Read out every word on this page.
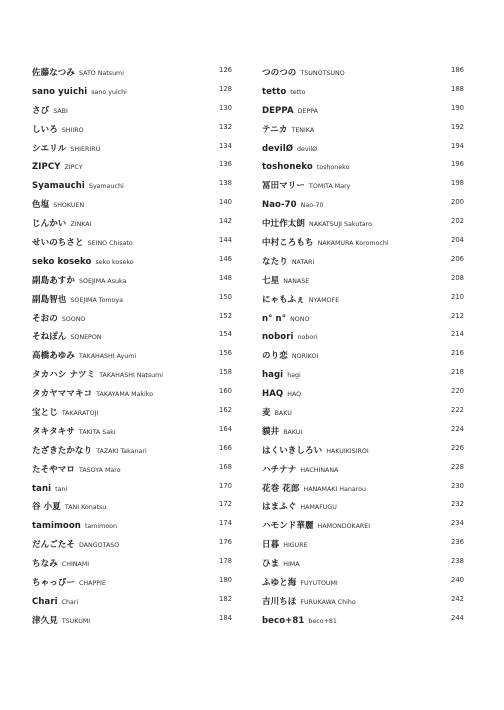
佐藤なつみ SATO Natsumi	126
sano yuichi sano yuichi	128
さび SABI	130
しいろ SHIIRO	132
シエリル SHIERIRU	134
ZIPCY ZIPCY	136
Syamauchi Syamauchi	138
色塩 SHOKUEN	140
じんかい ZINKAI	142
せいのちさと SEINO Chisato	144
seko koseko seko koseko	146
副島あすか SOEJIMA Asuka	148
副島智也 SOEJIMA Tomoya	150
そおの SOONO	152
そねぽん SONEPON	154
高橋あゆみ TAKAHASHI Ayumi	156
タカハシ ナツミ TAKAHASHI Natsumi	158
タカヤママキコ TAKAYAMA Makiko	160
宝とじ TAKARATOJI	162
タキタキサ TAKITA Saki	164
たざきたかなり TAZAKI Takanari	166
たそやマロ TASOYA Maro	168
tani tani	170
谷 小夏 TANI Konatsu	172
tamimoon tamimoon	174
だんごたそ DANGOTASO	176
ちなみ CHINAMI	178
ちゃっぴー CHAPPIE	180
Chari Chari	182
津久見 TSUKUMI	184
つのつの TSUNOTSUNO	186
tetto tetto	188
DEPPA DEPPA	190
テニカ TENIKA	192
devilØ devilØ	194
toshoneko toshoneko	196
冨田マリー TOMITA Mary	198
Nao-70 Nao-70	200
中辻作太朗 NAKATSUJI Sakutaro	202
中村ころもち NAKAMURA Koromochi	204
なたり NATARI	206
七星 NANASE	208
にゃもふぇ NYAMOFE	210
n° n° NONO	212
nobori nobori	214
のり恋 NORIKOI	216
hagi hagi	218
HAQ HAQ	220
麦 BAKU	222
貘井 BAKUI	224
はくいきしろい HAKUIKISIROI	226
ハチナナ HACHINANA	228
花巻 花郎 HANAMAKI Hanarou	230
はまふぐ HAMAFUGU	232
ハモンド華麗 HAMONDOKAREI	234
日暮 HIGURE	236
ひま HIMA	238
ふゆと海 FUYUTOUMI	240
吉川ちほ FURUKAWA Chiho	242
beco+81 beco+81	244
